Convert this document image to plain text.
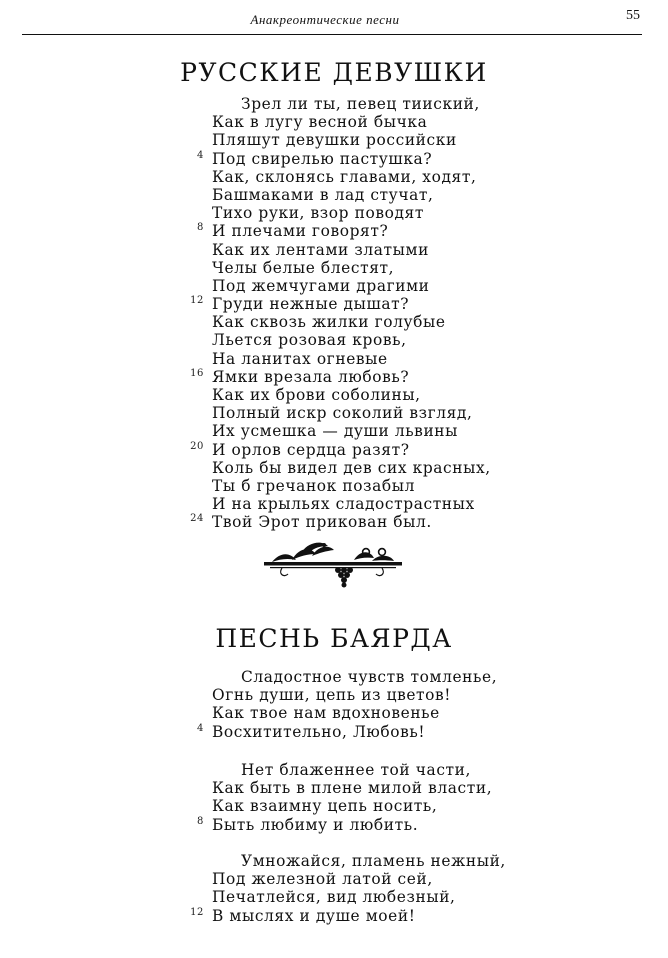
Анакреонтические песни	55
РУССКИЕ ДЕВУШКИ
Зрел ли ты, певец тииский,
Как в лугу весной бычка
Пляшут девушки российски
4 Под свирелью пастушка?
Как, склонясь главами, ходят,
Башмаками в лад стучат,
Тихо руки, взор поводят
8 И плечами говорят?
Как их лентами златыми
Челы белые блестят,
Под жемчугами драгими
12 Груди нежные дышат?
Как сквозь жилки голубые
Льется розовая кровь,
На ланитах огневые
16 Ямки врезала любовь?
Как их брови соболины,
Полный искр соколий взгляд,
Их усмешка — души львины
20 И орлов сердца разят?
Коль бы видел дев сих красных,
Ты б гречанок позабыл
И на крыльях сладострастных
24 Твой Эрот прикован был.
ПЕСНЬ БАЯРДА
Сладостное чувств томленье,
Огнь души, цепь из цветов!
Как твое нам вдохновенье
4 Восхитительно, Любовь!
Нет блаженнее той части,
Как быть в плене милой власти,
Как взаимну цепь носить,
8 Быть любиму и любить.
Умножайся, пламень нежный,
Под железной латой сей,
Печатлейся, вид любезный,
12 В мыслях и душе моей!
